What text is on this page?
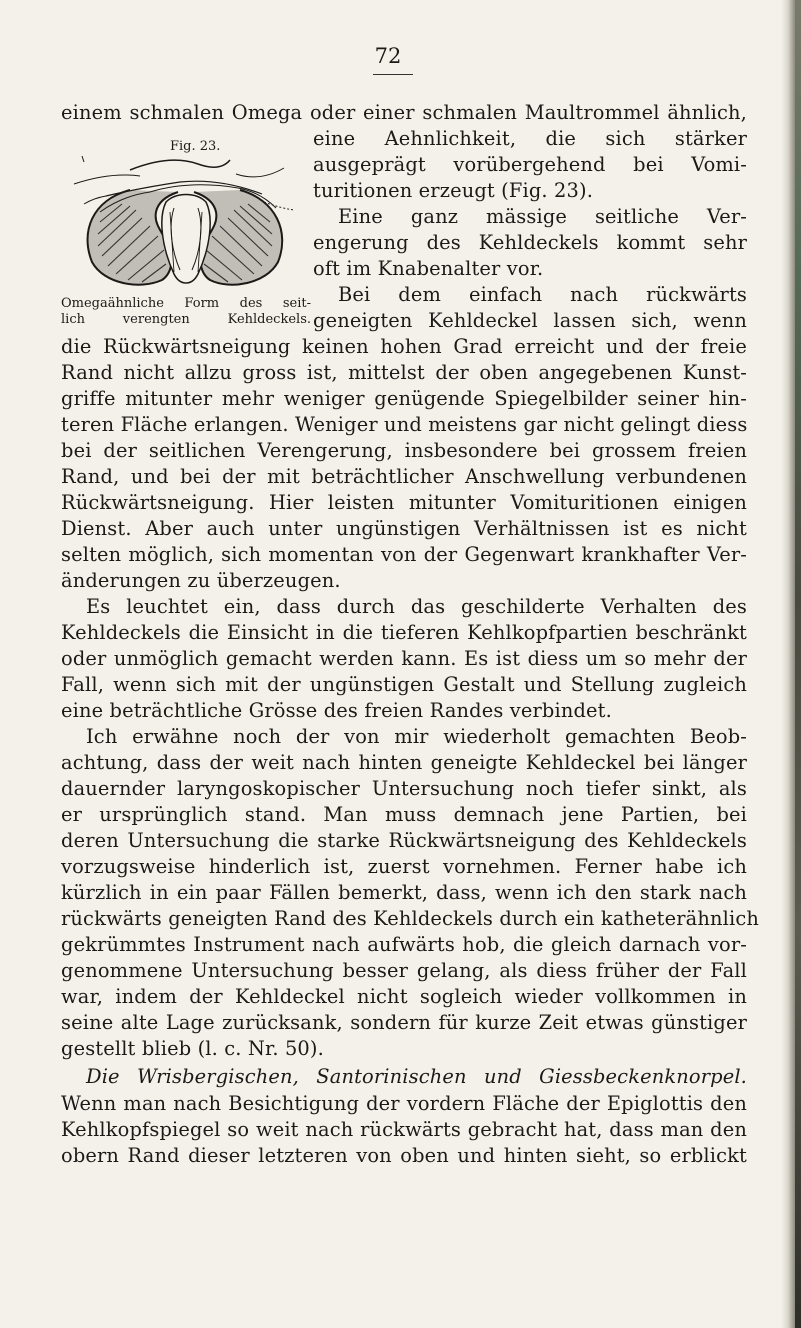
72
einem schmalen Omega oder einer schmalen Maultrommel ähnlich,
Fig. 23.	eine Aehnlichkeit, die sich stärker
ausgeprägt vorübergehend bei Vomi-
turitionen erzeugt (Fig. 23).
Eine ganz mässige seitliche Ver-
engerung des Kehldeckels kommt sehr
oft im Knabenalter vor.
Bei dem einfach nach rückwärts
geneigten Kehldeckel lassen sich, wenn
Omegaähnliche Form des seit-
lich verengten Kehldeckels.
die Rückwärtsneigung keinen hohen Grad erreicht und der freie
Rand nicht allzu gross ist, mittelst der oben angegebenen Kunst-
griffe mitunter mehr weniger genügende Spiegelbilder seiner hin-
teren Fläche erlangen. Weniger und meistens gar nicht gelingt diess
bei der seitlichen Verengerung, insbesondere bei grossem freien
Rand, und bei der mit beträchtlicher Anschwellung verbundenen
Rückwärtsneigung. Hier leisten mitunter Vomituritionen einigen
Dienst. Aber auch unter ungünstigen Verhältnissen ist es nicht
selten möglich, sich momentan von der Gegenwart krankhafter Ver-
änderungen zu überzeugen.
Es leuchtet ein, dass durch das geschilderte Verhalten des
Kehldeckels die Einsicht in die tieferen Kehlkopfpartien beschränkt
oder unmöglich gemacht werden kann. Es ist diess um so mehr der
Fall, wenn sich mit der ungünstigen Gestalt und Stellung zugleich
eine beträchtliche Grösse des freien Randes verbindet.
Ich erwähne noch der von mir wiederholt gemachten Beob-
achtung, dass der weit nach hinten geneigte Kehldeckel bei länger
dauernder laryngoskopischer Untersuchung noch tiefer sinkt, als
er ursprünglich stand. Man muss demnach jene Partien, bei
deren Untersuchung die starke Rückwärtsneigung des Kehldeckels
vorzugsweise hinderlich ist, zuerst vornehmen. Ferner habe ich
kürzlich in ein paar Fällen bemerkt, dass, wenn ich den stark nach
rückwärts geneigten Rand des Kehldeckels durch ein katheterähnlich
gekrümmtes Instrument nach aufwärts hob, die gleich darnach vor-
genommene Untersuchung besser gelang, als diess früher der Fall
war, indem der Kehldeckel nicht sogleich wieder vollkommen in
seine alte Lage zurücksank, sondern für kurze Zeit etwas günstiger
gestellt blieb (l. c. Nr. 50).
Die Wrisbergischen, Santorinischen und Giessbeckenknorpel.
Wenn man nach Besichtigung der vordern Fläche der Epiglottis den
Kehlkopfspiegel so weit nach rückwärts gebracht hat, dass man den
obern Rand dieser letzteren von oben und hinten sieht, so erblickt
